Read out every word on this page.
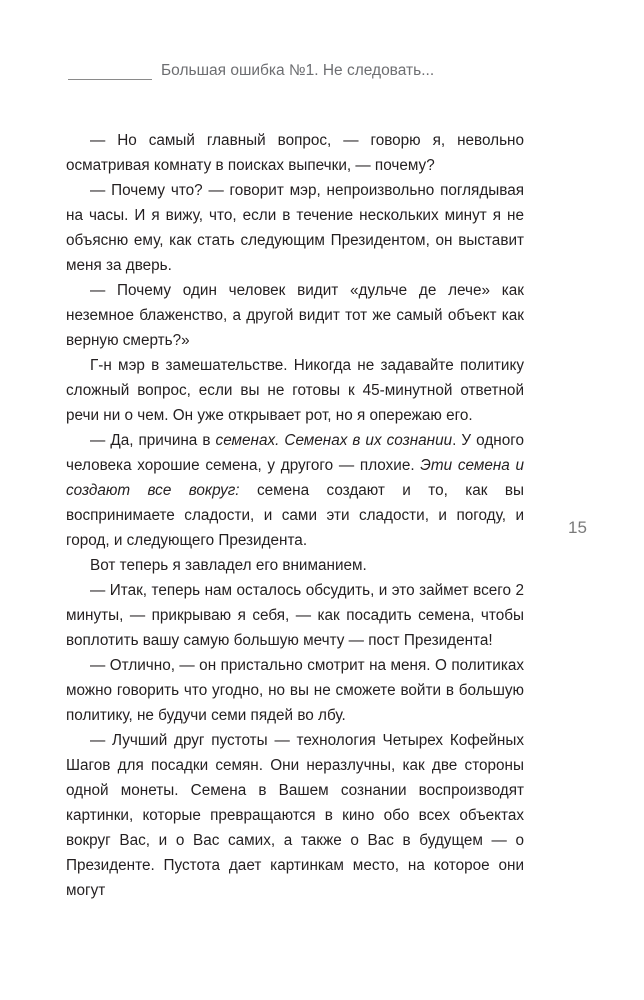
Большая ошибка №1. Не следовать...

— Но самый главный вопрос, — говорю я, невольно осматривая комнату в поисках выпечки, — почему?

— Почему что? — говорит мэр, непроизвольно поглядывая на часы. И я вижу, что, если в течение нескольких минут я не объясню ему, как стать следующим Президентом, он выставит меня за дверь.

— Почему один человек видит «дульче де лече» как неземное блаженство, а другой видит тот же самый объект как верную смерть?»

Г-н мэр в замешательстве. Никогда не задавайте политику сложный вопрос, если вы не готовы к 45-минутной ответной речи ни о чем. Он уже открывает рот, но я опережаю его.

— Да, причина в семенах. Семенах в их сознании. У одного человека хорошие семена, у другого — плохие. Эти семена и создают все вокруг: семена создают и то, как вы воспринимаете сладости, и сами эти сладости, и погоду, и город, и следующего Президента.

Вот теперь я завладел его вниманием.

— Итак, теперь нам осталось обсудить, и это займет всего 2 минуты, — прикрываю я себя, — как посадить семена, чтобы воплотить вашу самую большую мечту — пост Президента!

— Отлично, — он пристально смотрит на меня. О политиках можно говорить что угодно, но вы не сможете войти в большую политику, не будучи семи пядей во лбу.

— Лучший друг пустоты — технология Четырех Кофейных Шагов для посадки семян. Они неразлучны, как две стороны одной монеты. Семена в Вашем сознании воспроизводят картинки, которые превращаются в кино обо всех объектах вокруг Вас, и о Вас самих, а также о Вас в будущем — о Президенте. Пустота дает картинкам место, на которое они могут

15
